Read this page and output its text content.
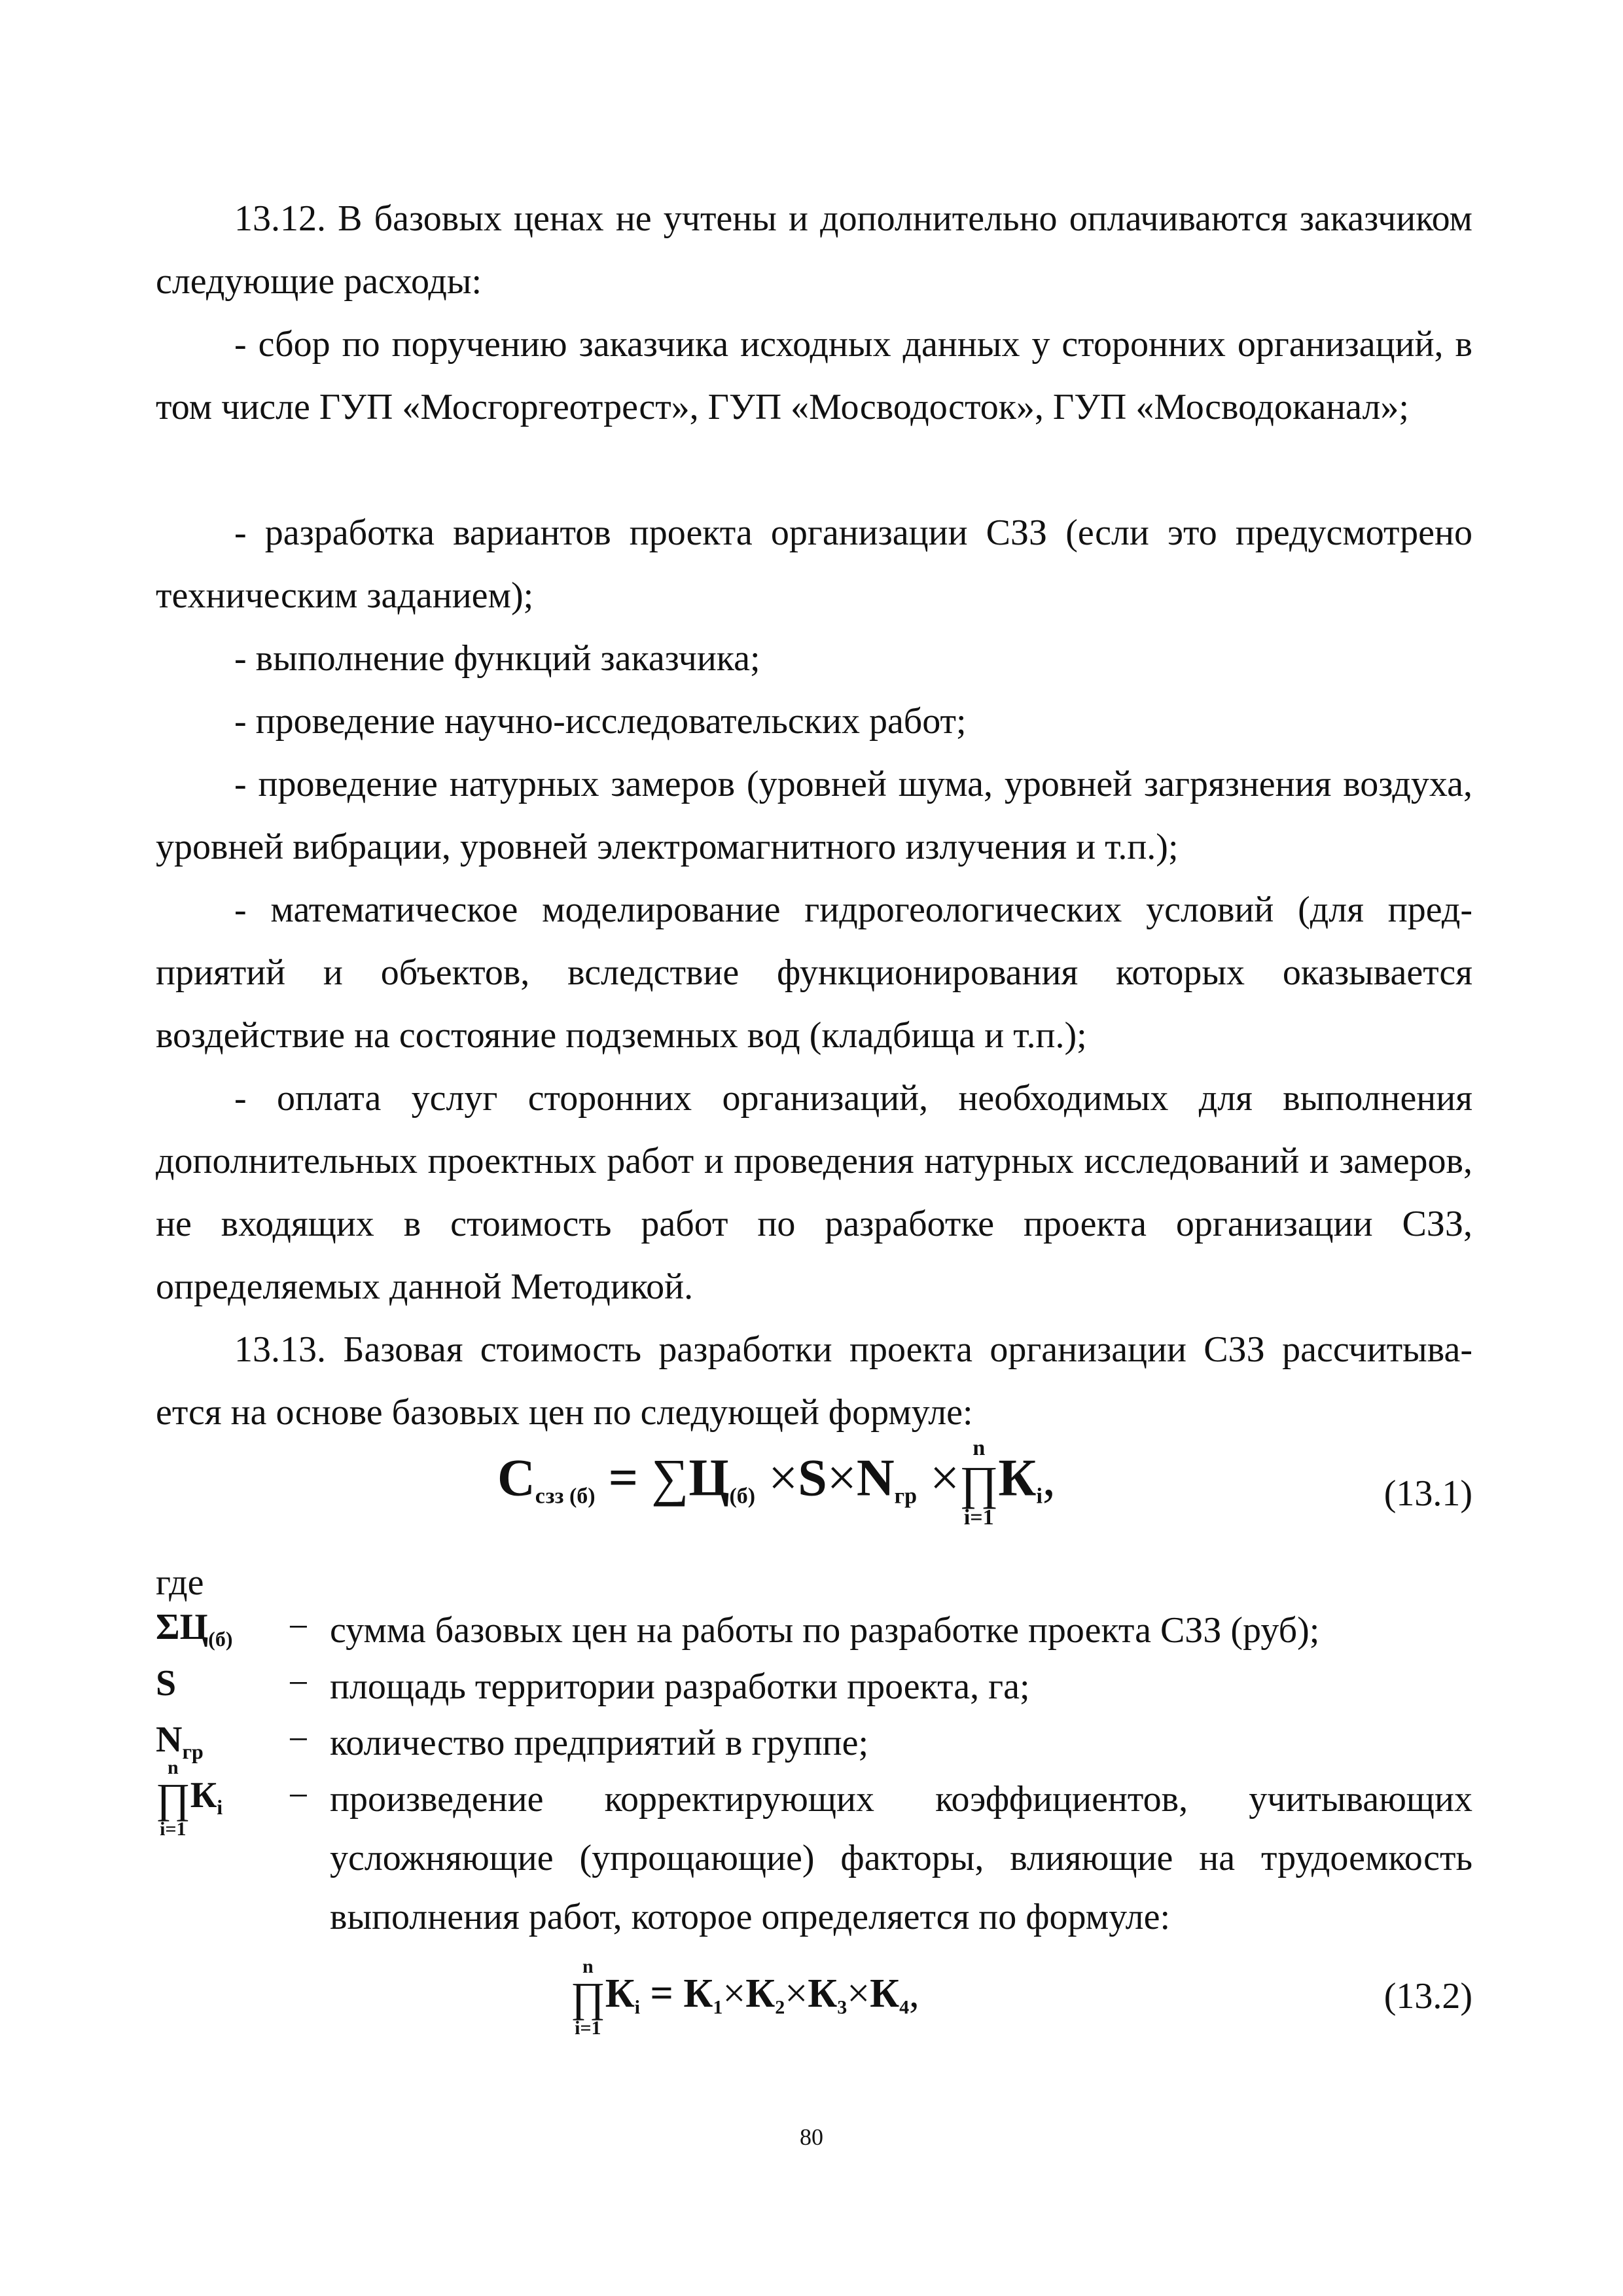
13.12. В базовых ценах не учтены и дополнительно оплачиваются заказчиком следующие расходы:

- сбор по поручению заказчика исходных данных у сторонних организаций, в том числе ГУП «Мосгоргеотрест», ГУП «Мосводосток», ГУП «Мосводоканал»;

- разработка вариантов проекта организации СЗЗ (если это предусмотрено техническим заданием);

- выполнение функций заказчика;

- проведение научно-исследовательских работ;

- проведение натурных замеров (уровней шума, уровней загрязнения воздуха, уровней вибрации, уровней электромагнитного излучения и т.п.);

- математическое моделирование гидрогеологических условий (для пред-приятий и объектов, вследствие функционирования которых оказывается воздействие на состояние подземных вод (кладбища и т.п.);

- оплата услуг сторонних организаций, необходимых для выполнения дополнительных проектных работ и проведения натурных исследований и замеров, не входящих в стоимость работ по разработке проекта организации СЗЗ, определяемых данной Методикой.

13.13. Базовая стоимость разработки проекта организации СЗЗ рассчитыва-ется на основе базовых цен по следующей формуле:

$С_{сзз (б)} = \sum Ц_{(б)} \times S\times N_{гр}$ ×
n
∏
i=1
$К_i$,	(13.1)
где
$\Sigma Ц_{(б)}$ − сумма базовых цен на работы по разработке проекта СЗЗ (руб);
S	− площадь территории разработки проекта, га;
$N_{гр}$ − количество предприятий в группе;
n
∏
i=1
$К_i$ − произведение корректирующих коэффициентов, учитывающих усложняющие (упрощающие) факторы, влияющие на трудоемкость выполнения работ, которое определяется по формуле:
n
∏
i=1
$К_i = К_1\times К_2\times К_3\times К_4$,	(13.2)
80
